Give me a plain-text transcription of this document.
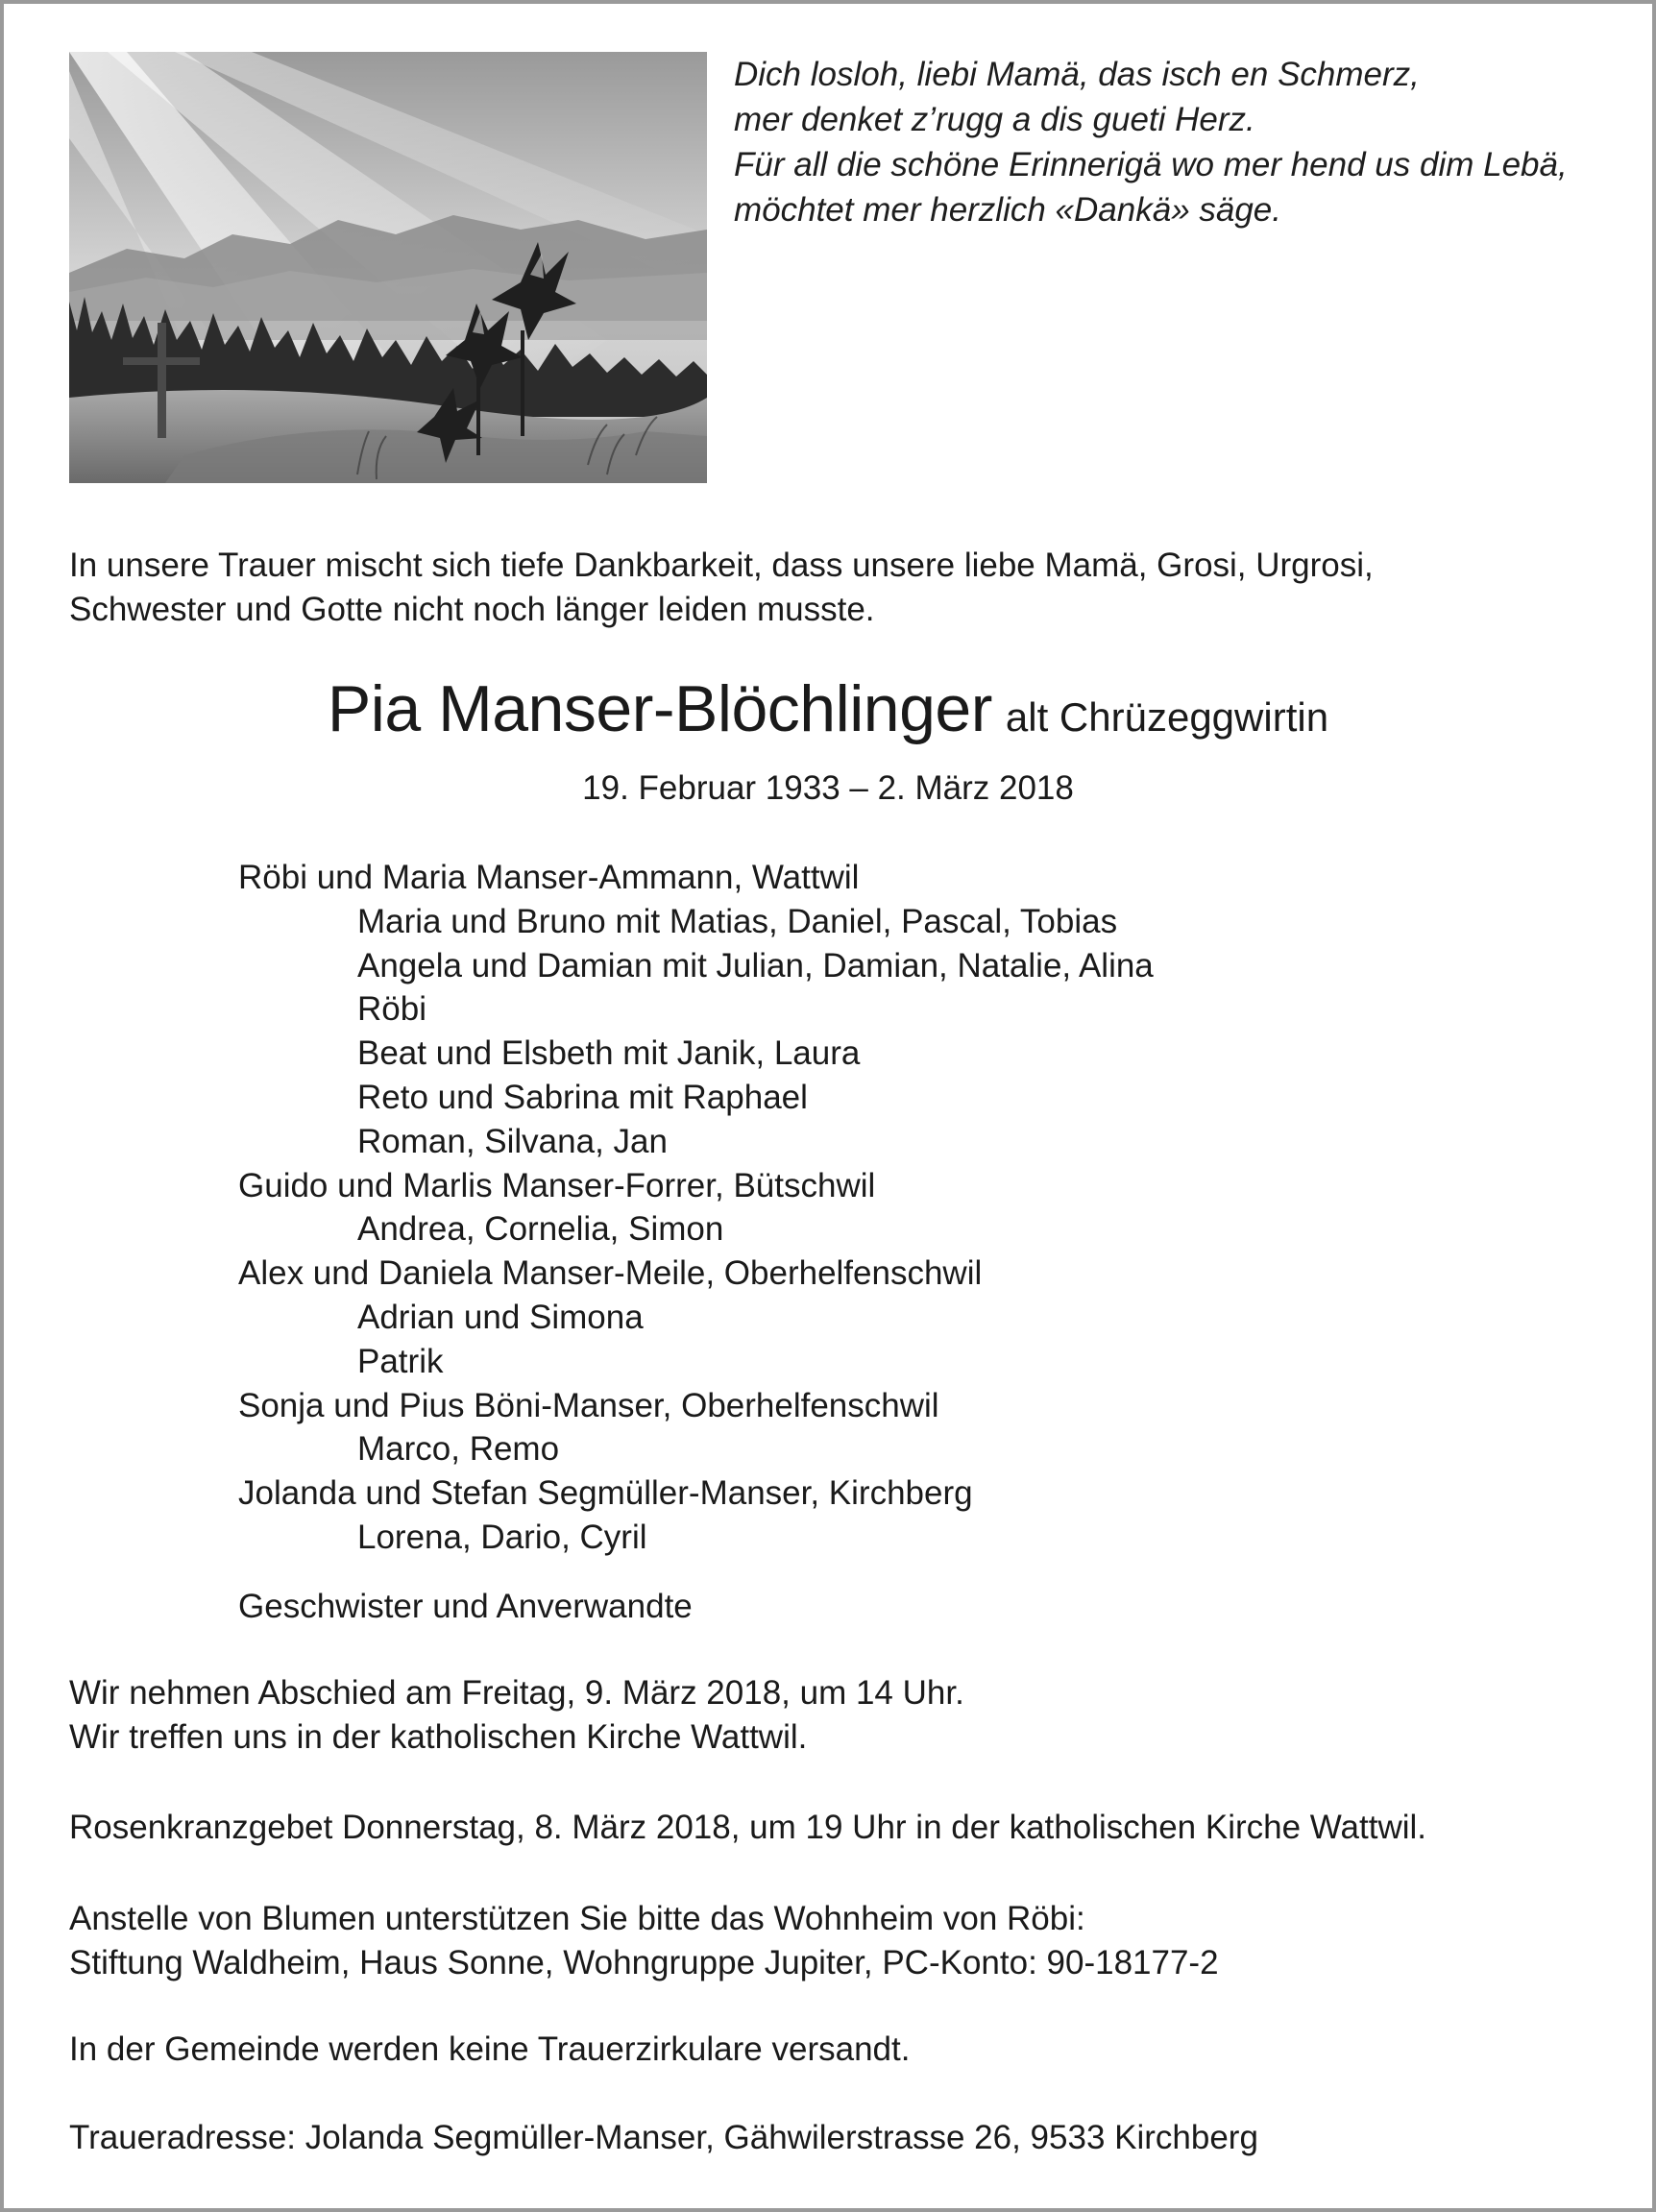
Dich losloh, liebi Mamä, das isch en Schmerz,
mer denket z’rugg a dis gueti Herz.
Für all die schöne Erinnerigä wo mer hend us dim Lebä,
möchtet mer herzlich «Dankä» säge.
In unsere Trauer mischt sich tiefe Dankbarkeit, dass unsere liebe Mamä, Grosi, Urgrosi,
Schwester und Gotte nicht noch länger leiden musste.
Pia Manser-Blöchlinger alt Chrüzeggwirtin
19. Februar 1933 – 2. März 2018
Röbi und Maria Manser-Ammann, Wattwil
Maria und Bruno mit Matias, Daniel, Pascal, Tobias
Angela und Damian mit Julian, Damian, Natalie, Alina
Röbi
Beat und Elsbeth mit Janik, Laura
Reto und Sabrina mit Raphael
Roman, Silvana, Jan
Guido und Marlis Manser-Forrer, Bütschwil
Andrea, Cornelia, Simon
Alex und Daniela Manser-Meile, Oberhelfenschwil
Adrian und Simona
Patrik
Sonja und Pius Böni-Manser, Oberhelfenschwil
Marco, Remo
Jolanda und Stefan Segmüller-Manser, Kirchberg
Lorena, Dario, Cyril
Geschwister und Anverwandte
Wir nehmen Abschied am Freitag, 9. März 2018, um 14 Uhr.
Wir treffen uns in der katholischen Kirche Wattwil.
Rosenkranzgebet Donnerstag, 8. März 2018, um 19 Uhr in der katholischen Kirche Wattwil.
Anstelle von Blumen unterstützen Sie bitte das Wohnheim von Röbi:
Stiftung Waldheim, Haus Sonne, Wohngruppe Jupiter, PC-Konto: 90-18177-2
In der Gemeinde werden keine Trauerzirkulare versandt.
Traueradresse: Jolanda Segmüller-Manser, Gähwilerstrasse 26, 9533 Kirchberg
